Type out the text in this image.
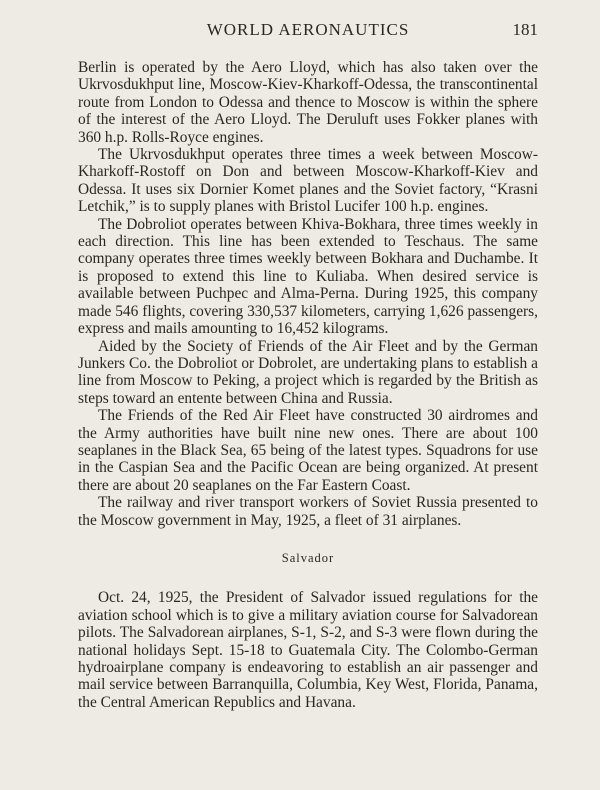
WORLD AERONAUTICS	181

Berlin is operated by the Aero Lloyd, which has also taken over the Ukrvosdukhput line, Moscow-Kiev-Kharkoff-Odessa, the transcontinental route from London to Odessa and thence to Moscow is within the sphere of the interest of the Aero Lloyd. The Deruluft uses Fokker planes with 360 h.p. Rolls-Royce engines.

The Ukrvosdukhput operates three times a week between Moscow-Kharkoff-Rostoff on Don and between Moscow-Kharkoff-Kiev and Odessa. It uses six Dornier Komet planes and the Soviet factory, “Krasni Letchik,” is to supply planes with Bristol Lucifer 100 h.p. engines.

The Dobroliot operates between Khiva-Bokhara, three times weekly in each direction. This line has been extended to Teschaus. The same company operates three times weekly between Bokhara and Duchambe. It is proposed to extend this line to Kuliaba. When desired service is available between Puchpec and Alma-Perna. During 1925, this company made 546 flights, covering 330,537 kilometers, carrying 1,626 passengers, express and mails amounting to 16,452 kilograms.

Aided by the Society of Friends of the Air Fleet and by the German Junkers Co. the Dobroliot or Dobrolet, are undertaking plans to establish a line from Moscow to Peking, a project which is regarded by the British as steps toward an entente between China and Russia.

The Friends of the Red Air Fleet have constructed 30 airdromes and the Army authorities have built nine new ones. There are about 100 seaplanes in the Black Sea, 65 being of the latest types. Squadrons for use in the Caspian Sea and the Pacific Ocean are being organized. At present there are about 20 seaplanes on the Far Eastern Coast.

The railway and river transport workers of Soviet Russia presented to the Moscow government in May, 1925, a fleet of 31 airplanes.

Salvador

Oct. 24, 1925, the President of Salvador issued regulations for the aviation school which is to give a military aviation course for Salvadorean pilots. The Salvadorean airplanes, S-1, S-2, and S-3 were flown during the national holidays Sept. 15-18 to Guatemala City. The Colombo-German hydroairplane company is endeavoring to establish an air passenger and mail service between Barranquilla, Columbia, Key West, Florida, Panama, the Central American Republics and Havana.
